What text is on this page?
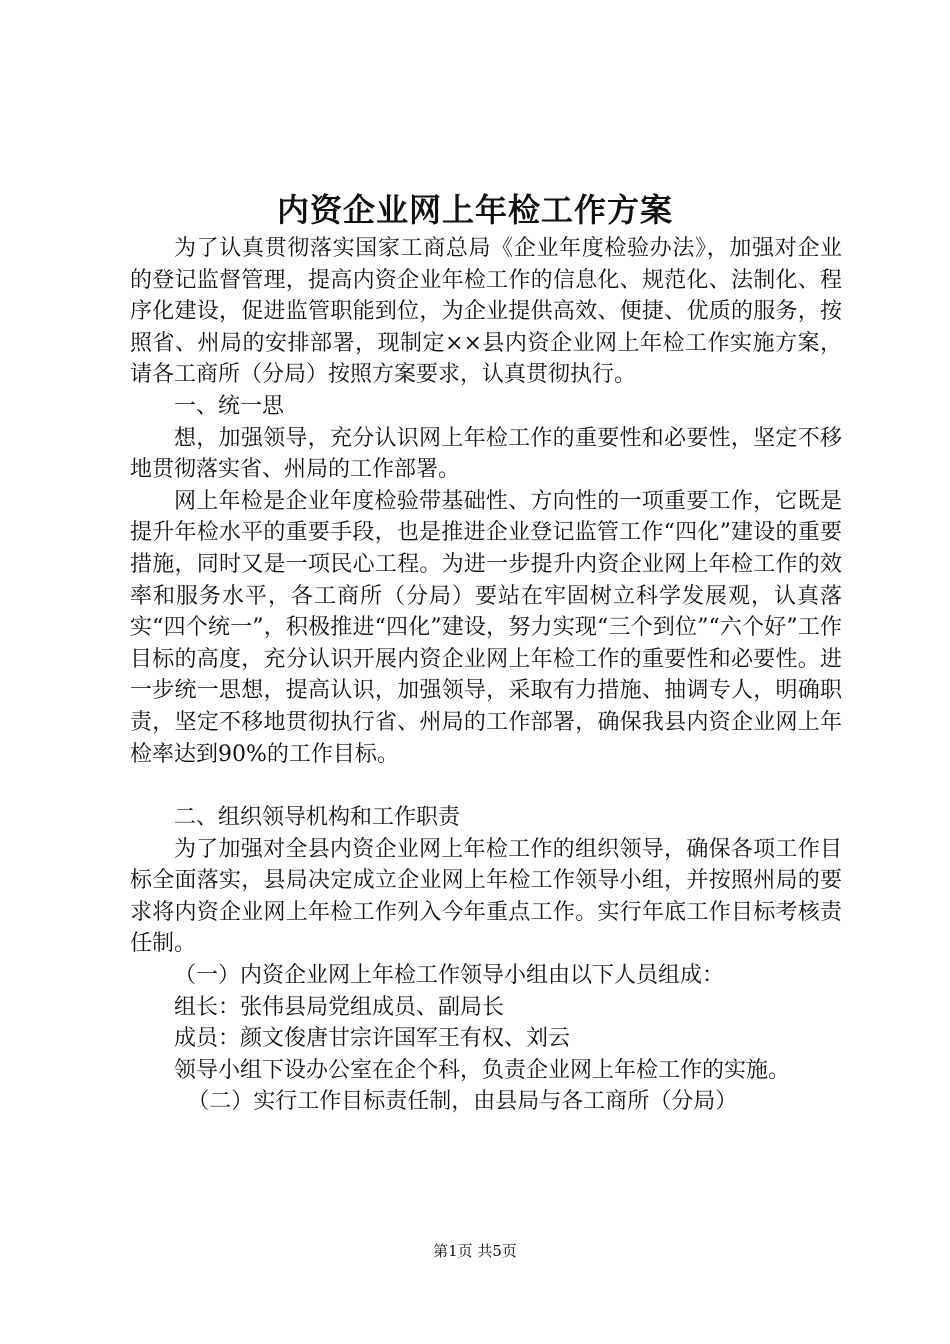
内资企业网上年检工作方案

为了认真贯彻落实国家工商总局《企业年度检验办法》，加强对企业的登记监督管理，提高内资企业年检工作的信息化、规范化、法制化、程序化建设，促进监管职能到位，为企业提供高效、便捷、优质的服务，按照省、州局的安排部署，现制定××县内资企业网上年检工作实施方案，请各工商所（分局）按照方案要求，认真贯彻执行。

一、统一思

想，加强领导，充分认识网上年检工作的重要性和必要性，坚定不移地贯彻落实省、州局的工作部署。

网上年检是企业年度检验带基础性、方向性的一项重要工作，它既是提升年检水平的重要手段，也是推进企业登记监管工作“四化”建设的重要措施，同时又是一项民心工程。为进一步提升内资企业网上年检工作的效率和服务水平，各工商所（分局）要站在牢固树立科学发展观，认真落实“四个统一”，积极推进“四化”建设，努力实现“三个到位”“六个好”工作目标的高度，充分认识开展内资企业网上年检工作的重要性和必要性。进一步统一思想，提高认识，加强领导，采取有力措施、抽调专人，明确职责，坚定不移地贯彻执行省、州局的工作部署，确保我县内资企业网上年检率达到90%的工作目标。

二、组织领导机构和工作职责

为了加强对全县内资企业网上年检工作的组织领导，确保各项工作目标全面落实，县局决定成立企业网上年检工作领导小组，并按照州局的要求将内资企业网上年检工作列入今年重点工作。实行年底工作目标考核责任制。

（一）内资企业网上年检工作领导小组由以下人员组成：

组长：张伟县局党组成员、副局长

成员：颜文俊唐甘宗许国军王有权、刘云

领导小组下设办公室在企个科，负责企业网上年检工作的实施。

（二）实行工作目标责任制，由县局与各工商所（分局）

第1页 共5页
